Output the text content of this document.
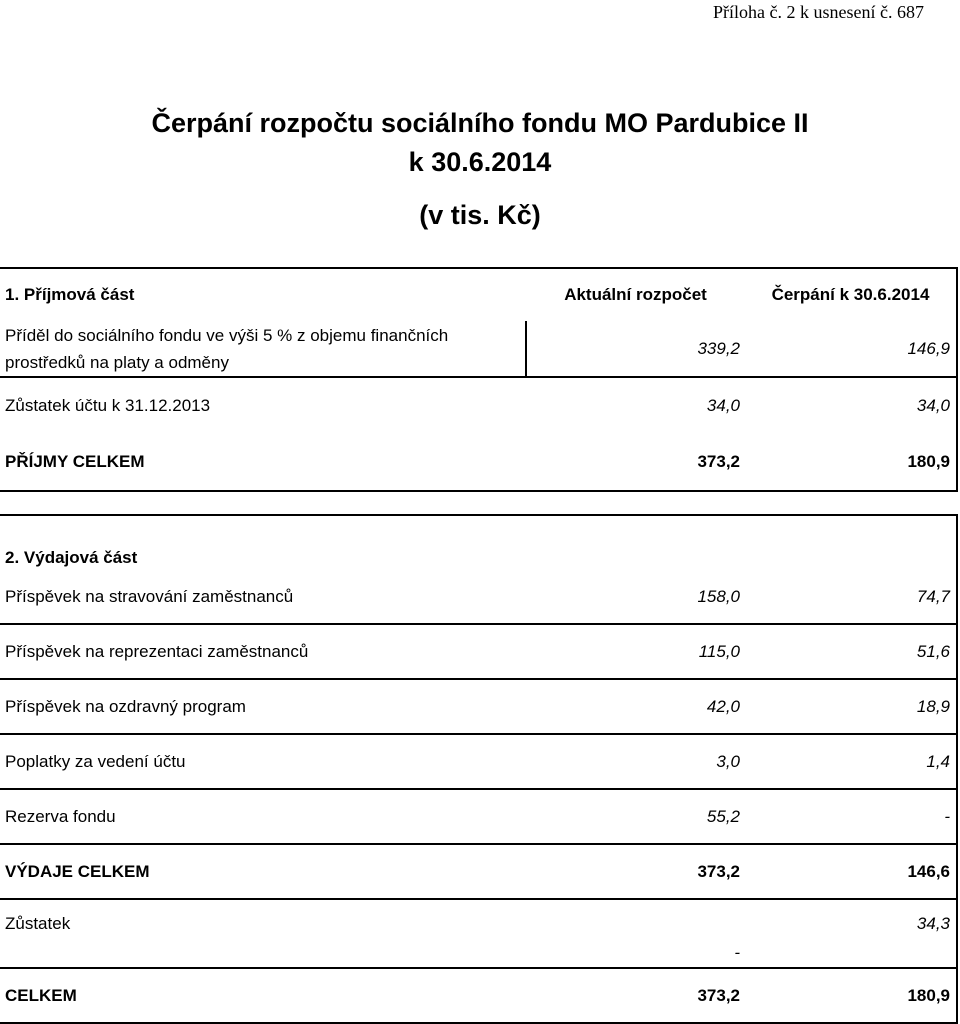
Příloha č. 2 k usnesení č. 687
Čerpání rozpočtu sociálního fondu MO Pardubice II
k 30.6.2014
(v tis. Kč)
1. Příjmová část	Aktuální rozpočet	Čerpání k 30.6.2014
Příděl do sociálního fondu ve výši 5 % z objemu finančních prostředků na platy a odměny	339,2	146,9
Zůstatek účtu k 31.12.2013	34,0	34,0
PŘÍJMY CELKEM	373,2	180,9
2. Výdajová část		
Příspěvek na stravování zaměstnanců	158,0	74,7
Příspěvek na reprezentaci zaměstnanců	115,0	51,6
Příspěvek na ozdravný program	42,0	18,9
Poplatky za vedení účtu	3,0	1,4
Rezerva fondu	55,2	-
VÝDAJE CELKEM	373,2	146,6
Zůstatek	-	34,3
CELKEM	373,2	180,9
